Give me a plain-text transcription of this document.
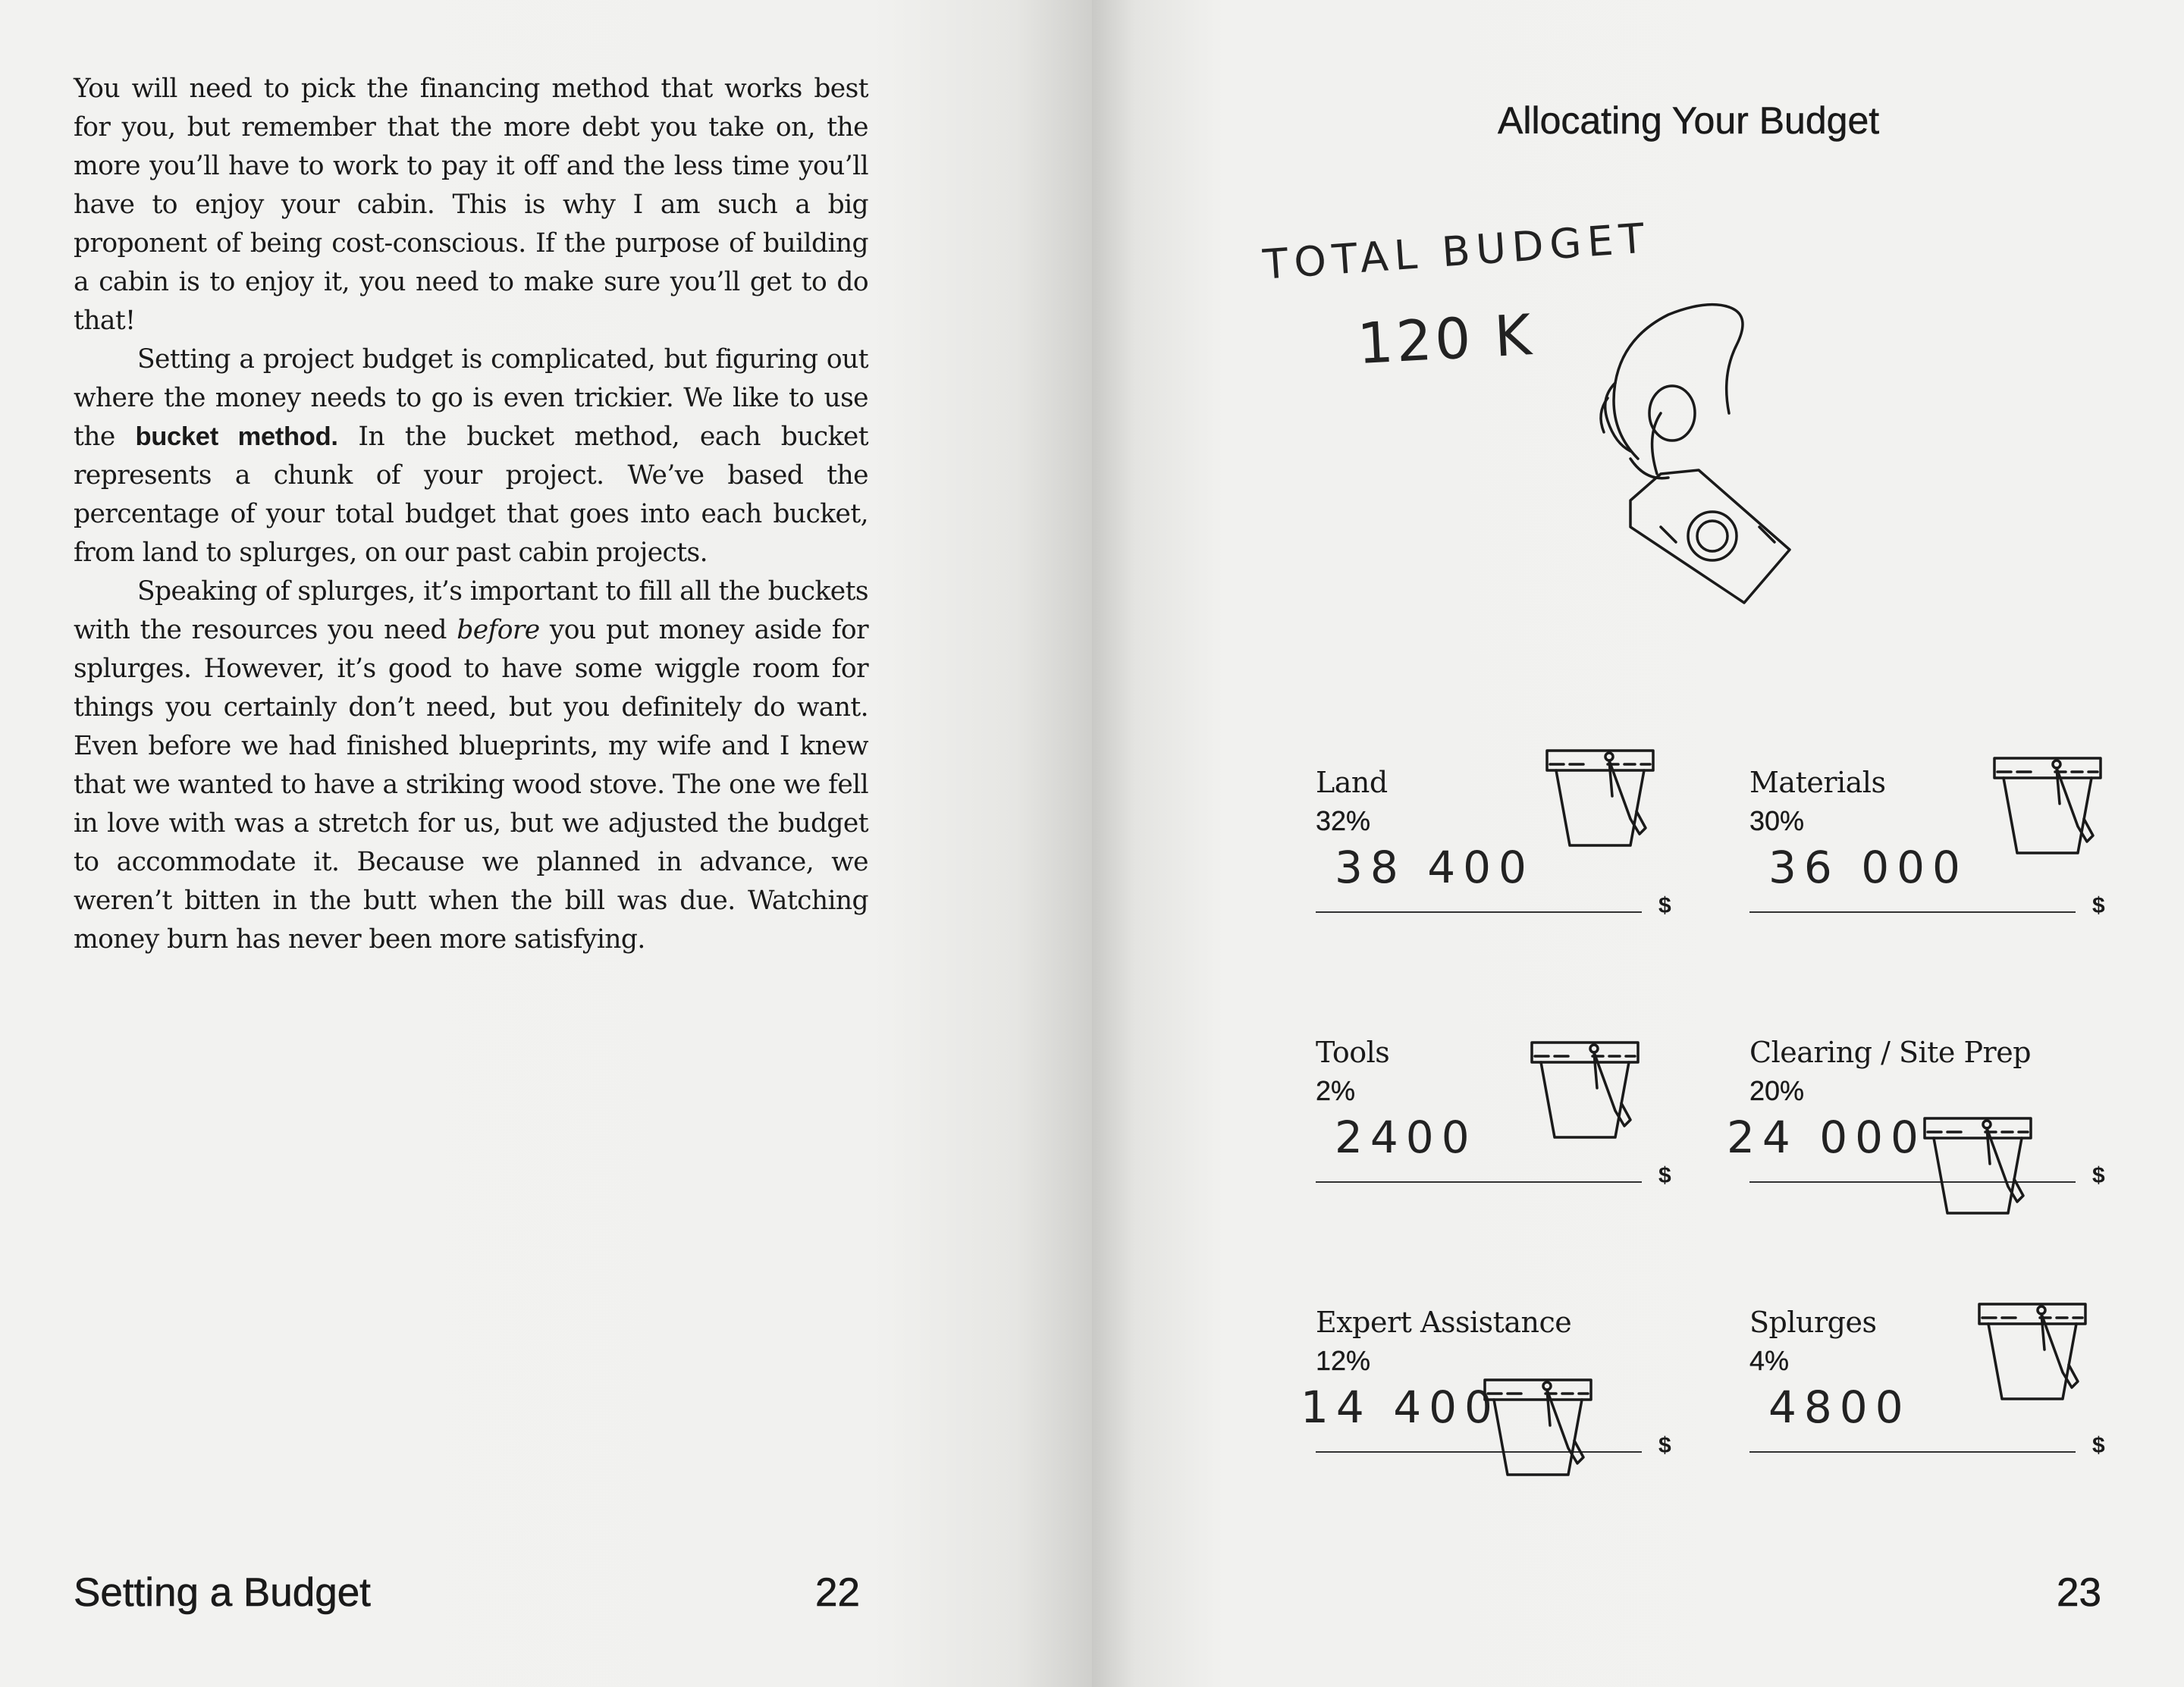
You will need to pick the financing method that works best for you, but remember that the more debt you take on, the more you’ll have to work to pay it off and the less time you’ll have to enjoy your cabin. This is why I am such a big proponent of being cost-conscious. If the purpose of building a cabin is to enjoy it, you need to make sure you’ll get to do that!

Setting a project budget is complicated, but figuring out where the money needs to go is even trickier. We like to use the bucket method. In the bucket method, each bucket represents a chunk of your project. We’ve based the percentage of your total budget that goes into each bucket, from land to splurges, on our past cabin projects.

Speaking of splurges, it’s important to fill all the buckets with the resources you need before you put money aside for splurges. However, it’s good to have some wiggle room for things you certainly don’t need, but you definitely do want. Even before we had finished blueprints, my wife and I knew that we wanted to have a striking wood stove. The one we fell in love with was a stretch for us, but we adjusted the budget to accommodate it. Because we planned in advance, we weren’t bitten in the butt when the bill was due. Watching money burn has never been more satisfying.

Setting a Budget	22
Allocating Your Budget
TOTAL BUDGET
120 K
Land
32%
38 400
$
Materials
30%
36 000
$
Tools
2%
2400
$
Clearing / Site Prep
20%
24 000
$
Expert Assistance
12%
14 400
$
Splurges
4%
4800
$
23
